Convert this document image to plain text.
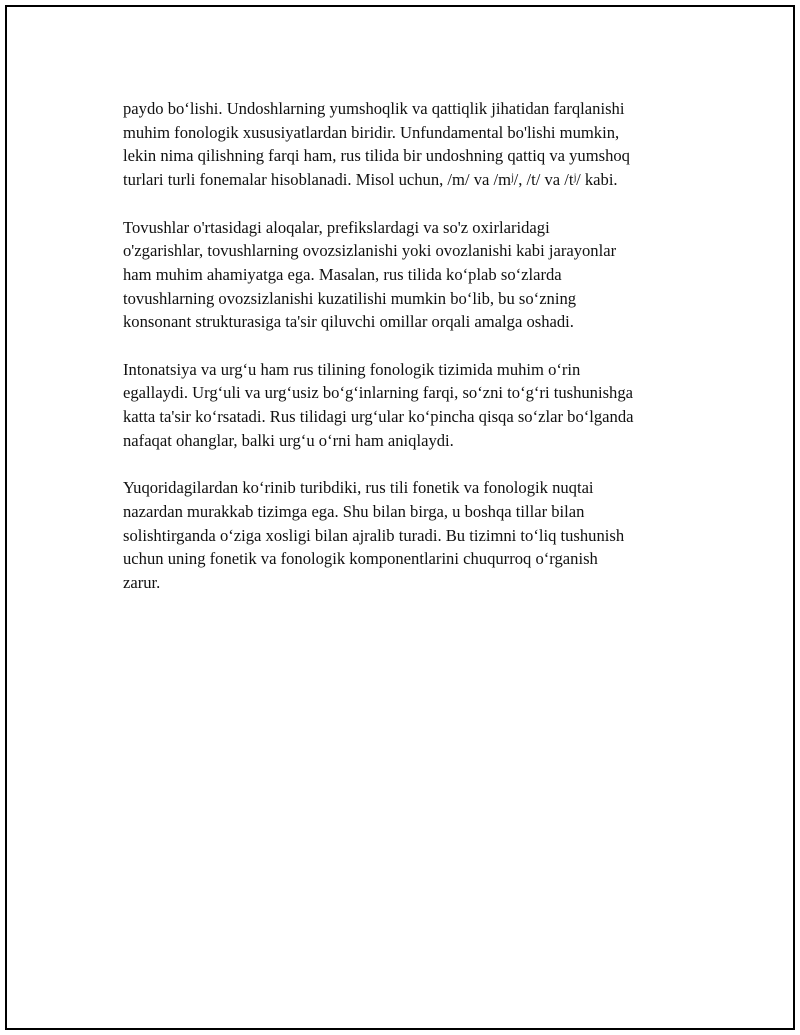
paydo bo‘lishi. Undoshlarning yumshoqlik va qattiqlik jihatidan farqlanishi
muhim fonologik xususiyatlardan biridir. Unfundamental bo'lishi mumkin,
lekin nima qilishning farqi ham, rus tilida bir undoshning qattiq va yumshoq
turlari turli fonemalar hisoblanadi. Misol uchun, /m/ va /mʲ/, /t/ va /tʲ/ kabi.

Tovushlar o'rtasidagi aloqalar, prefikslardagi va so'z oxirlaridagi
o'zgarishlar, tovushlarning ovozsizlanishi yoki ovozlanishi kabi jarayonlar
ham muhim ahamiyatga ega. Masalan, rus tilida ko‘plab so‘zlarda
tovushlarning ovozsizlanishi kuzatilishi mumkin bo‘lib, bu so‘zning
konsonant strukturasiga ta'sir qiluvchi omillar orqali amalga oshadi.

Intonatsiya va urg‘u ham rus tilining fonologik tizimida muhim o‘rin
egallaydi. Urg‘uli va urg‘usiz bo‘g‘inlarning farqi, so‘zni to‘g‘ri tushunishga
katta ta'sir ko‘rsatadi. Rus tilidagi urg‘ular ko‘pincha qisqa so‘zlar bo‘lganda
nafaqat ohanglar, balki urg‘u o‘rni ham aniqlaydi.

Yuqoridagilardan ko‘rinib turibdiki, rus tili fonetik va fonologik nuqtai
nazardan murakkab tizimga ega. Shu bilan birga, u boshqa tillar bilan
solishtirganda o‘ziga xosligi bilan ajralib turadi. Bu tizimni to‘liq tushunish
uchun uning fonetik va fonologik komponentlarini chuqurroq o‘rganish
zarur.
